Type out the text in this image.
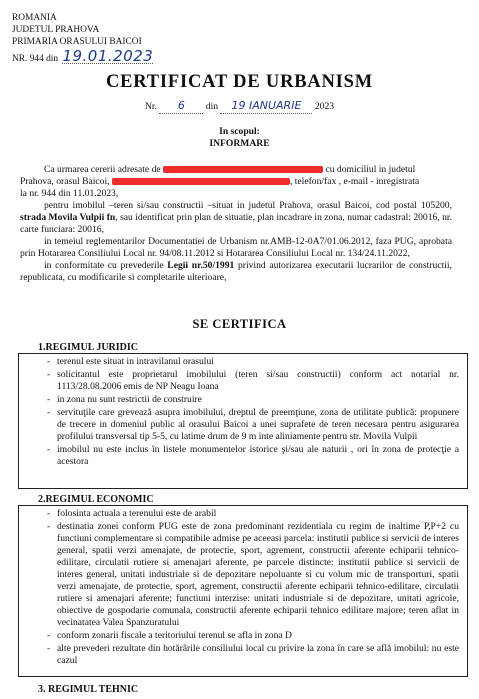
ROMANIA
JUDETUL PRAHOVA
PRIMARIA ORASULUI BAICOI
NR. 944 din 19.01.2023
CERTIFICAT DE URBANISM
Nr. 6 din 19 IANUARIE 2023
In scopul:
INFORMARE
Ca urmarea cererii adresate de	cu domiciliul in judetul
Prahova, orasul Baicoi,	, telefon/fax , e-mail - inregistrata
la nr. 944 din 11.01.2023,
pentru imobilul –teren si/sau constructii –situat in judetul Prahova, orasul Baicoi, cod postal 105200, strada Movila Vulpii fn, sau identificat prin plan de situatie, plan incadrare in zona, numar cadastral: 20016, nr. carte funciara: 20016,
in temeiul reglementarilor Documentatiei de Urbanism nr.AMB-12-0A7/01.06.2012, faza PUG, aprobata prin Hotararea Consiliului Local nr. 94/08.11.2012 si Hotararea Consiliului Local nr. 134/24.11.2022,
in conformitate cu prevederile Legii nr.50/1991 privind autorizarea executarii lucrarilor de constructii, republicata, cu modificarile si completarile ulterioare,
SE CERTIFICA
1.REGIMUL JURIDIC
- terenul este situat in intravilanul orasului
- solicitantul este proprietarul imobilului (teren si/sau constructii) conform act notarial nr. 1113/28.08.2006 emis de NP Neagu Ioana
- in zona nu sunt restrictii de construire
- servituţile care greveazǎ asupra imobilului, dreptul de preemţiune, zona de utilitate publicǎ: propunere de trecere in domeniul public al orasului Baicoi a unei suprafete de teren necesara pentru asigurarea profilului transversal tip 5-5, cu latime drum de 9 m inte aliniamente pentru str. Movila Vulpii
- imobilul nu este inclus în listele monumentelor istorice şi/sau ale naturii , ori în zona de protecţie a acestora
2.REGIMUL ECONOMIC
- folosinta actuala a terenului este de arabil
- destinatia zonei conform PUG este de zona predominant rezidentiala cu regim de inaltime P,P+2 cu functiuni complementare si compatibile admise pe aceeasi parcela: institutii publice si servicii de interes general, spatii verzi amenajate, de protectie, sport, agrement, constructii aferente echiparii tehnico-edilitare, circulatii rutiere si amenajari aferente, pe parcele distincte: institutii publice si servicii de interes general, unitati industriale si de depozitare nepoluante si cu volum mic de transporturi, spatii verzi amenajate, de protectie, sport, agrement, constructii aferente echiparii tehnico-edilitare, circulatii rutiere si amenajari aferente; functiuni interzise: unitati industriale si de depozitare, unitati agricole, obiective de gospodarie comunala, constructii aferente echiparii tehnico edilitare majore; teren aflat in vecinatatea Valea Spanzuratului
- conform zonarii fiscale a teritoriului terenul se afla in zona D
- alte prevederi rezultate din hotărârile consiliului local cu privire la zona în care se află imobilul: nu este cazul
3. REGIMUL TEHNIC
